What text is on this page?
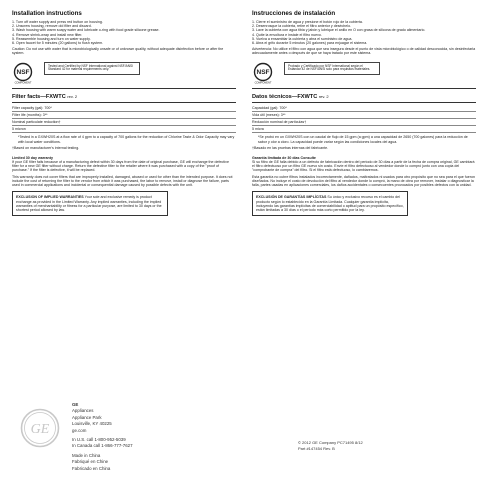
Installation instructions
1. Turn off water supply and press red button on housing.
2. Unscrew housing, remove old filter and discard.
3. Wash housing with warm soapy water and lubricate o-ring with food grade silicone grease.
4. Remove shrink-wrap and install new filter.
5. Reassemble housing and turn on water supply.
6. Open faucet for 5 minutes (20 gallons) to flush system.

Caution: Do not use with water that is microbiologically unsafe or of unknown quality, without adequate disinfection before or after the system.

NSF
COMPONENT
Tested and Certified by NSF International against NSF/ANSI Standard 42 for material requirements only.
Filter facts—FXWTC rev. 2
Filter capacity (gal): 700*
Filter life (months): 3**
Nominal particulate reduction†
5 micron

*Tested in a GXWH20S at a flow rate of 4 gpm to a capacity of 700 gallons for the reduction of Chlorine Taste & Odor Capacity may vary with local water conditions.

†Based on manufacturer's internal testing.

Limited 30 day warranty

If your GE filter fails because of a manufacturing defect within 30 days from the date of original purchase, GE will exchange the defective filter for a new GE filter without charge. Return the defective filter to the retailer where it was purchased with a copy of the "proof of purchase." If the filter is defective, it will be replaced.

This warranty does not cover filters that are improperly installed, damaged, abused or used for other than the intended purpose. It does not include the cost of returning the filter to the vendor from which it was purchased, the labor to remove, install or diagnose the failure, parts used in commercial applications and incidental or consequential damage caused by possible defects with the unit.

EXCLUSION OF IMPLIED WARRANTIES Your sole and exclusive remedy is product exchange as provided in the Limited Warranty. Any implied warranties, including the implied warranties of merchantability or fitness for a particular purpose, are limited to 30 days or the shortest period allowed by law.
Instrucciones de instalación
1. Cierre el suministro de agua y presione el botón rojo de la cubierta.
2. Desenrosque la cubierta, retire el filtro anterior y deséchelo.
3. Lave la cubierta con agua tibia y jabón y lubrique el anillo en O con grasa de silicona de grado alimentario.
4. Quite la envoltura e instale el filtro nuevo.
5. Vuelva a ensamblar la cubierta y abra el suministro de agua.
6. Abra el grifo durante 5 minutos (20 galones) para enjuagar el sistema.

Advertencia: No utilice el filtro con agua que sea insegura desde el punto de vista microbiológico o de calidad desconocida, sin desinfectarla adecuadamente antes o después de que se haya tratado por este sistema.

NSF
COMPONENT
Probado y Certificado por NSF International según el Estándar 42 de NSF/ANSI solo para requisitos materiales.
Datos técnicos—FXWTC rev. 2
Capacidad (gal): 700*
Vida útil (meses): 3**
Reducción nominal de partículas†
5 micra

*Se probó en un GXWH20S con un caudal de flujo de 15 gpm (a gpm) a una capacidad de 2650 (700 galones) para la reducción de sabor y olor a cloro. La capacidad puede variar según las condiciones locales del agua.

†Basado en las pruebas internas del fabricante.

Garantía limitada de 30 días Consulte

Si su filtro de GE falla debido a un defecto de fabricación dentro del periodo de 30 días a partir de la fecha de compra original, GE cambiará el filtro defectuoso por un filtro GE nuevo sin costo. Envíe el filtro defectuoso al vendedor donde lo compró junto con una copia del "comprobante de compra" del filtro. Si el filtro está defectuoso, lo cambiaremos.

Esta garantía no cubre filtros instalados incorrectamente, dañados, maltratados ni usados para otro propósito que no sea para el que fueron diseñados. No incluye el costo de devolución del filtro al vendedor donde lo compró, la mano de obra por remover, instalar o diagnosticar la falla, partes usadas en aplicaciones comerciales, los daños accidentales o consecuentes provocados por posibles defectos con la unidad.

EXCLUSIÓN DE GARANTÍAS IMPLÍCITAS Su único y exclusivo recurso es el cambio del producto según lo establecido en la Garantía Limitada. Cualquier garantía implícita, incluyendo las garantías implícitas de comerciabilidad o aptitud para un propósito específico, están limitadas a 30 días o el período más corto permitido por la ley.
GE
GE
Appliances
Appliance Park
Louisville, KY 40225
ge.com
In U.S. call 1-800-952-5039
In Canada call 1-866-777-7627
Made in China
Fabriqué en Chine
Fabricado en China
© 2012 GE Company PC71495 8/12
Part #147454 Rev. B
